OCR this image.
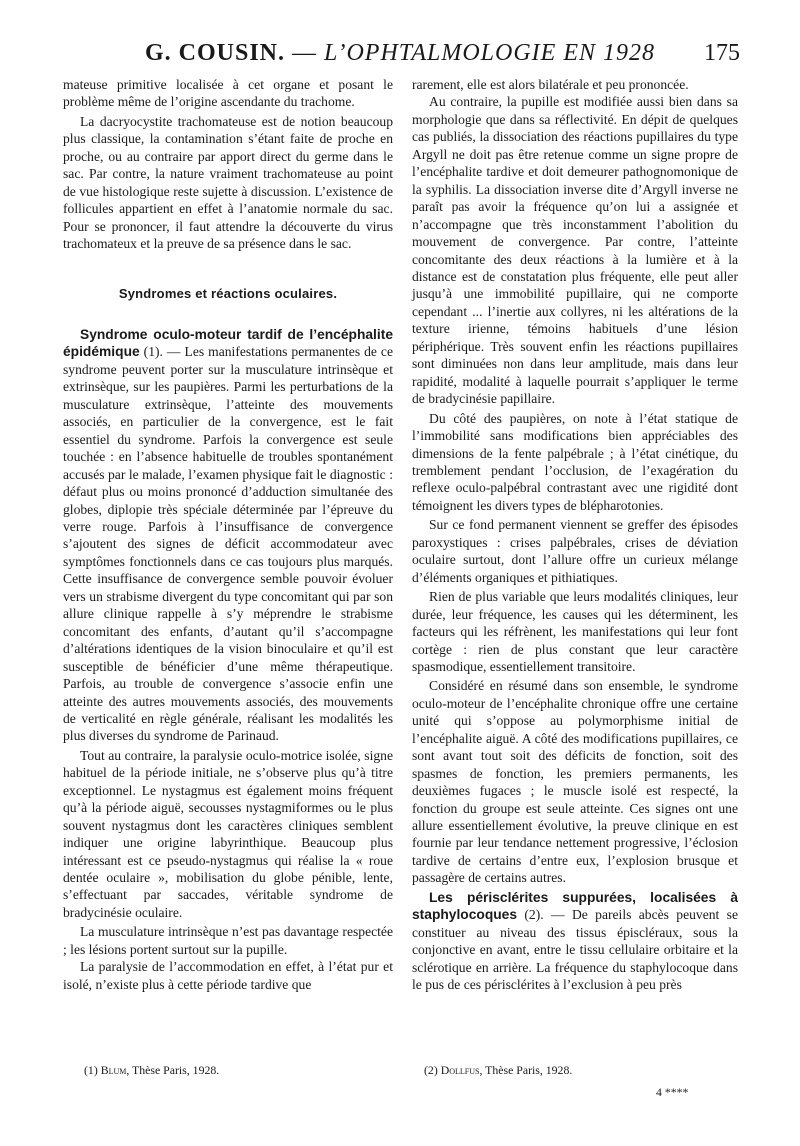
G. COUSIN. — L’OPHTALMOLOGIE EN 1928	175

mateuse primitive localisée à cet organe et posant le problème même de l’origine ascendante du trachome.

La dacryocystite trachomateuse est de notion beaucoup plus classique, la contamination s’étant faite de proche en proche, ou au contraire par apport direct du germe dans le sac. Par contre, la nature vraiment trachomateuse au point de vue histologique reste sujette à discussion. L’existence de follicules appartient en effet à l’anatomie normale du sac. Pour se prononcer, il faut attendre la découverte du virus trachomateux et la preuve de sa présence dans le sac.

Syndromes et réactions oculaires.

Syndrome oculo-moteur tardif de l’encéphalite épidémique (1). — Les manifestations permanentes de ce syndrome peuvent porter sur la musculature intrinsèque et extrinsèque, sur les paupières. Parmi les perturbations de la musculature extrinsèque, l’atteinte des mouvements associés, en particulier de la convergence, est le fait essentiel du syndrome. Parfois la convergence est seule touchée : en l’absence habituelle de troubles spontanément accusés par le malade, l’examen physique fait le diagnostic : défaut plus ou moins prononcé d’adduction simultanée des globes, diplopie très spéciale déterminée par l’épreuve du verre rouge. Parfois à l’insuffisance de convergence s’ajoutent des signes de déficit accommodateur avec symptômes fonctionnels dans ce cas toujours plus marqués. Cette insuffisance de convergence semble pouvoir évoluer vers un strabisme divergent du type concomitant qui par son allure clinique rappelle à s’y méprendre le strabisme concomitant des enfants, d’autant qu’il s’accompagne d’altérations identiques de la vision binoculaire et qu’il est susceptible de bénéficier d’une même thérapeutique. Parfois, au trouble de convergence s’associe enfin une atteinte des autres mouvements associés, des mouvements de verticalité en règle générale, réalisant les modalités les plus diverses du syndrome de Parinaud.

Tout au contraire, la paralysie oculo-motrice isolée, signe habituel de la période initiale, ne s’observe plus qu’à titre exceptionnel. Le nystagmus est également moins fréquent qu’à la période aiguë, secousses nystagmiformes ou le plus souvent nystagmus dont les caractères cliniques semblent indiquer une origine labyrinthique. Beaucoup plus intéressant est ce pseudo-nystagmus qui réalise la « roue dentée oculaire », mobilisation du globe pénible, lente, s’effectuant par saccades, véritable syndrome de bradycinésie oculaire.

La musculature intrinsèque n’est pas davantage respectée ; les lésions portent surtout sur la pupille.

La paralysie de l’accommodation en effet, à l’état pur et isolé, n’existe plus à cette période tardive que

rarement, elle est alors bilatérale et peu prononcée.

Au contraire, la pupille est modifiée aussi bien dans sa morphologie que dans sa réflectivité. En dépit de quelques cas publiés, la dissociation des réactions pupillaires du type Argyll ne doit pas être retenue comme un signe propre de l’encéphalite tardive et doit demeurer pathognomonique de la syphilis. La dissociation inverse dite d’Argyll inverse ne paraît pas avoir la fréquence qu’on lui a assignée et n’accompagne que très inconstamment l’abolition du mouvement de convergence. Par contre, l’atteinte concomitante des deux réactions à la lumière et à la distance est de constatation plus fréquente, elle peut aller jusqu’à une immobilité pupillaire, qui ne comporte cependant ... l’inertie aux collyres, ni les altérations de la texture irienne, témoins habituels d’une lésion périphérique. Très souvent enfin les réactions pupillaires sont diminuées non dans leur amplitude, mais dans leur rapidité, modalité à laquelle pourrait s’appliquer le terme de bradycinésie papillaire.

Du côté des paupières, on note à l’état statique de l’immobilité sans modifications bien appréciables des dimensions de la fente palpébrale ; à l’état cinétique, du tremblement pendant l’occlusion, de l’exagération du reflexe oculo-palpébral contrastant avec une rigidité dont témoignent les divers types de blépharotonies.

Sur ce fond permanent viennent se greffer des épisodes paroxystiques : crises palpébrales, crises de déviation oculaire surtout, dont l’allure offre un curieux mélange d’éléments organiques et pithiatiques.

Rien de plus variable que leurs modalités cliniques, leur durée, leur fréquence, les causes qui les déterminent, les facteurs qui les réfrènent, les manifestations qui leur font cortège : rien de plus constant que leur caractère spasmodique, essentiellement transitoire.

Considéré en résumé dans son ensemble, le syndrome oculo-moteur de l’encéphalite chronique offre une certaine unité qui s’oppose au polymorphisme initial de l’encéphalite aiguë. A côté des modifications pupillaires, ce sont avant tout soit des déficits de fonction, soit des spasmes de fonction, les premiers permanents, les deuxièmes fugaces ; le muscle isolé est respecté, la fonction du groupe est seule atteinte. Ces signes ont une allure essentiellement évolutive, la preuve clinique en est fournie par leur tendance nettement progressive, l’éclosion tardive de certains d’entre eux, l’explosion brusque et passagère de certains autres.

Les périsclérites suppurées, localisées à staphylocoques (2). — De pareils abcès peuvent se constituer au niveau des tissus épiscléraux, sous la conjonctive en avant, entre le tissu cellulaire orbitaire et la sclérotique en arrière. La fréquence du staphylocoque dans le pus de ces périsclérites à l’exclusion à peu près

(1) Blum, Thèse Paris, 1928.	(2) Dollfus, Thèse Paris, 1928.
4 ****
